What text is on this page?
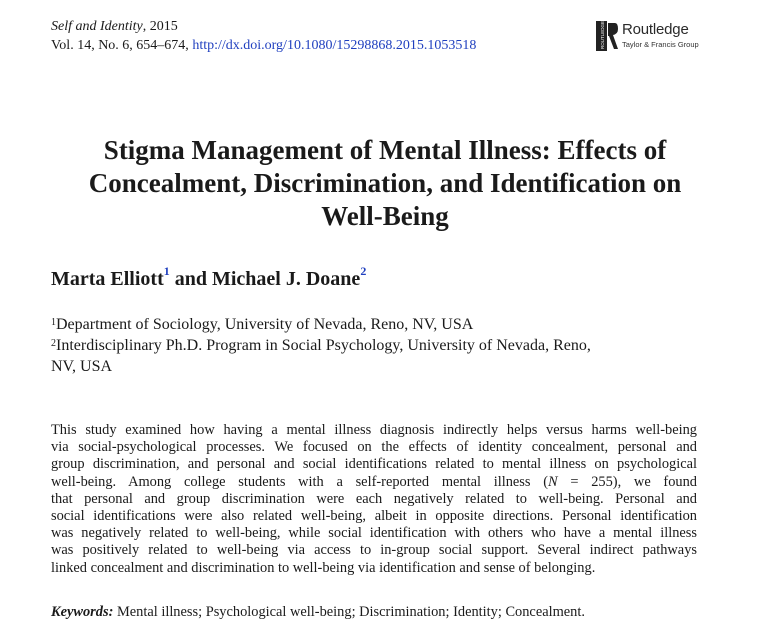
Self and Identity, 2015
Vol. 14, No. 6, 654–674, http://dx.doi.org/10.1080/15298868.2015.1053518	ROUTLEDGE Routledge
Taylor & Francis Group
Stigma Management of Mental Illness: Effects of
Concealment, Discrimination, and Identification on
Well-Being
Marta Elliott$^1$ and Michael J. Doane$^2$
$^1$Department of Sociology, University of Nevada, Reno, NV, USA
$^2$Interdisciplinary Ph.D. Program in Social Psychology, University of Nevada, Reno,
NV, USA
This study examined how having a mental illness diagnosis indirectly helps versus harms well-being
via social-psychological processes. We focused on the effects of identity concealment, personal and
group discrimination, and personal and social identifications related to mental illness on psychological
well-being. Among college students with a self-reported mental illness (N = 255), we found
that personal and group discrimination were each negatively related to well-being. Personal and
social identifications were also related well-being, albeit in opposite directions. Personal identification
was negatively related to well-being, while social identification with others who have a mental illness
was positively related to well-being via access to in-group social support. Several indirect pathways
linked concealment and discrimination to well-being via identification and sense of belonging.
Keywords: Mental illness; Psychological well-being; Discrimination; Identity; Concealment.
